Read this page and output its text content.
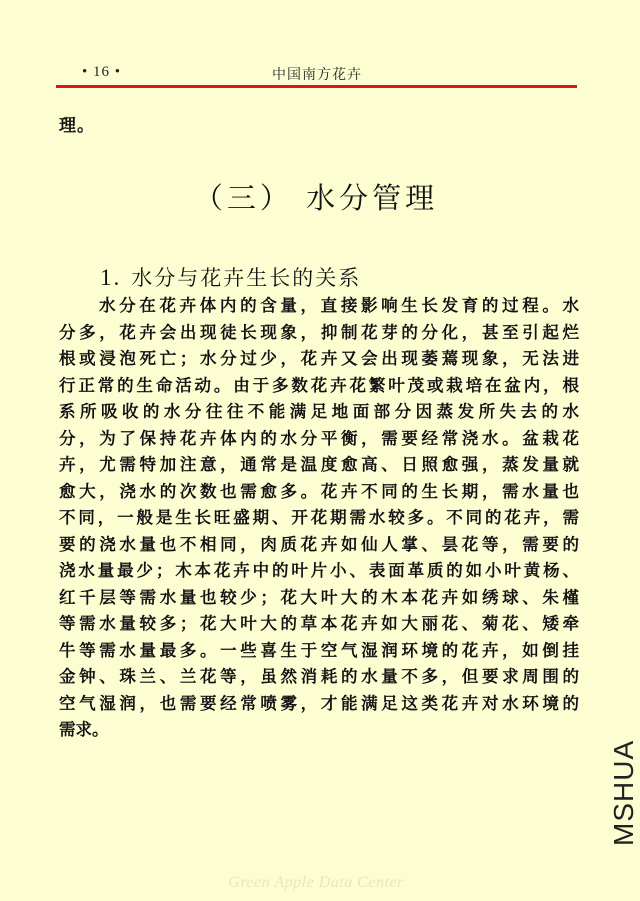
• 16 •	中国南方花卉
理。
（三） 水分管理
1. 水分与花卉生长的关系
水分在花卉体内的含量，直接影响生长发育的过程。水
分多，花卉会出现徒长现象，抑制花芽的分化，甚至引起烂
根或浸泡死亡；水分过少，花卉又会出现萎蔫现象，无法进
行正常的生命活动。由于多数花卉花繁叶茂或栽培在盆内，根
系所吸收的水分往往不能满足地面部分因蒸发所失去的水
分，为了保持花卉体内的水分平衡，需要经常浇水。盆栽花
卉，尤需特加注意，通常是温度愈高、日照愈强，蒸发量就
愈大，浇水的次数也需愈多。花卉不同的生长期，需水量也
不同，一般是生长旺盛期、开花期需水较多。不同的花卉，需
要的浇水量也不相同，肉质花卉如仙人掌、昙花等，需要的
浇水量最少；木本花卉中的叶片小、表面革质的如小叶黄杨、
红千层等需水量也较少；花大叶大的木本花卉如绣球、朱槿
等需水量较多；花大叶大的草本花卉如大丽花、菊花、矮牵
牛等需水量最多。一些喜生于空气湿润环境的花卉，如倒挂
金钟、珠兰、兰花等，虽然消耗的水量不多，但要求周围的
空气湿润，也需要经常喷雾，才能满足这类花卉对水环境的
需求。
Green Apple Data Center
MSHUA
